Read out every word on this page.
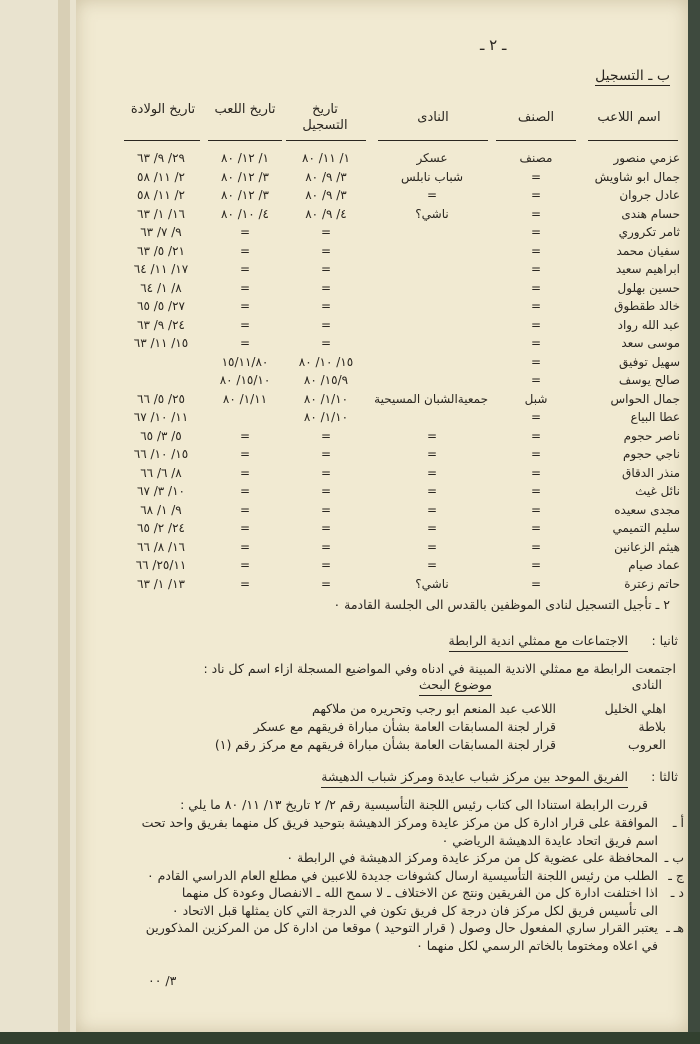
ـ ٢ ـ
ب ـ التسجيل
اسم اللاعب
الصنف
النادى
تاريخ التسجيل
تاريخ اللعب
تاريخ الولادة
٢ ـ تأجيل التسجيل لنادى الموظفين بالقدس الى الجلسة القادمة ٠
ثانيا :
الاجتماعات مع ممثلي اندية الرابطة
اجتمعت الرابطة مع ممثلي الاندية المبينة في ادناه وفي المواضيع المسجلة ازاء اسم كل ناد :
النادى
موضوع البحث
ثالثا :
الفريق الموحد بين مركز شباب عايدة ومركز شباب الدهيشة
قررت الرابطة استنادا الى كتاب رئيس اللجنة التأسيسية رقم ٢/ ٢ تاريخ ١٣/ ١١/ ٨٠ ما يلي :
٣/ ٠٠
عزمي منصور
مصنف
عسكر
١/ ١١/ ٨٠
١/ ١٢/ ٨٠
٢٩/ ٩/ ٦٣
جمال ابو شاويش
=
شباب نابلس
٣/ ٩/ ٨٠
٣/ ١٢/ ٨٠
٢/ ١١/ ٥٨
عادل جروان
=
=
٣/ ٩/ ٨٠
٣/ ١٢/ ٨٠
٢/ ١١/ ٥٨
حسام هندى
=
ناشي؟
٤/ ٩/ ٨٠
٤/ ١٠/ ٨٠
١٦/ ١/ ٦٣
ثامر تكروري
=
=
=
٩/ ٧/ ٦٣
سفيان محمد
=
=
=
٢١/ ٥/ ٦٣
ابراهيم سعيد
=
=
=
١٧/ ١١/ ٦٤
حسين بهلول
=
=
=
٨/ ١/ ٦٤
خالد طقطوق
=
=
=
٢٧/ ٥/ ٦٥
عبد الله رواد
=
=
=
٢٤/ ٩/ ٦٣
موسى سعد
=
=
=
١٥/ ١١/ ٦٣
سهيل توفيق
=
١٥/ ١٠/ ٨٠
١٥/١١/٨٠
صالح يوسف
=
١٥/٩/ ٨٠
١٥/١٠/ ٨٠
جمال الحواس
شبل
جمعيةالشبان المسيحية
١/١٠/ ٨٠
١/١١/ ٨٠
٢٥/ ٥/ ٦٦
عطا البياع
=
١/١٠/ ٨٠
١١/ ١٠/ ٦٧
ناصر حجوم
=
=
=
=
٥/ ٣/ ٦٥
ناجي حجوم
=
=
=
=
١٥/ ١٠/ ٦٦
منذر الدقاق
=
=
=
=
٨/ ٦/ ٦٦
نائل غيث
=
=
=
=
١٠/ ٣/ ٦٧
مجدى سعيده
=
=
=
=
٩/ ١/ ٦٨
سليم التميمي
=
=
=
=
٢٤/ ٢/ ٦٥
هيثم الزعانين
=
=
=
=
١٦/ ٨/ ٦٦
عماد صيام
=
=
=
=
٢٥/١١/ ٦٦
حاتم زعترة
=
ناشي؟
=
=
١٣/ ١/ ٦٣
اهلي الخليل
اللاعب عبد المنعم ابو رجب وتحريره من ملاكهم
بلاطة
قرار لجنة المسابقات العامة بشأن مباراة فريقهم مع عسكر
العروب
قرار لجنة المسابقات العامة بشأن مباراة فريقهم مع مركز رقم (١)
أ ـ
الموافقة على قرار ادارة كل من مركز عايدة ومركز الدهيشة بتوحيد فريق كل منهما بفريق واحد تحت
اسم فريق اتحاد عايدة الدهيشة الرياضي ٠
ب ـ
المحافظة على عضوية كل من مركز عايدة ومركز الدهيشة في الرابطة ٠
ج ـ
الطلب من رئيس اللجنة التأسيسية ارسال كشوفات جديدة للاعبين في مطلع العام الدراسي القادم ٠
د ـ
اذا اختلفت ادارة كل من الفريقين ونتج عن الاختلاف ـ لا سمح الله ـ الانفصال وعودة كل منهما
الى تأسيس فريق لكل مركز فان درجة كل فريق تكون في الدرجة التي كان يمثلها قبل الاتحاد ٠
هـ ـ
يعتبر القرار ساري المفعول حال وصول ( قرار التوحيد ) موقعا من ادارة كل من المركزين المذكورين
في اعلاه ومختوما بالخاتم الرسمي لكل منهما ٠
